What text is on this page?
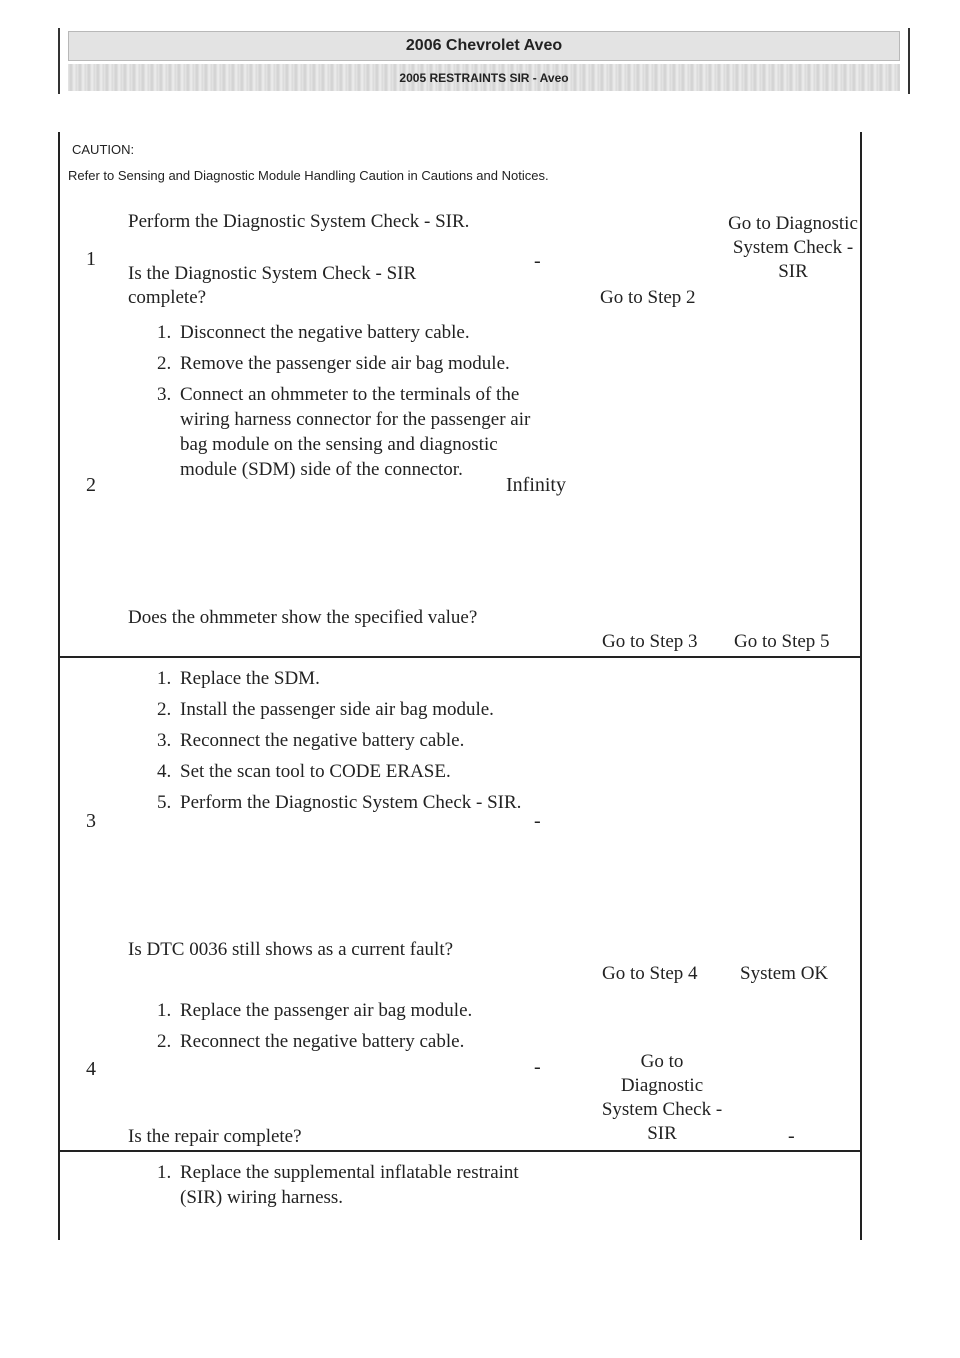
2006 Chevrolet Aveo
2005 RESTRAINTS SIR - Aveo
CAUTION:
Refer to Sensing and Diagnostic Module Handling Caution in Cautions and Notices.
1
Perform the Diagnostic System Check - SIR.
Is the Diagnostic System Check - SIR complete?
-
Go to Step 2
Go to Diagnostic System Check - SIR
2
1. Disconnect the negative battery cable.
2. Remove the passenger side air bag module.
3. Connect an ohmmeter to the terminals of the wiring harness connector for the passenger air bag module on the sensing and diagnostic module (SDM) side of the connector.
Does the ohmmeter show the specified value?
Infinity
Go to Step 3 Go to Step 5
3
1. Replace the SDM.
2. Install the passenger side air bag module.
3. Reconnect the negative battery cable.
4. Set the scan tool to CODE ERASE.
5. Perform the Diagnostic System Check - SIR.
Is DTC 0036 still shows as a current fault?
-
Go to Step 4 System OK
4
1. Replace the passenger air bag module.
2. Reconnect the negative battery cable.
Is the repair complete?
-	Go to Diagnostic System Check - SIR	-
1. Replace the supplemental inflatable restraint (SIR) wiring harness.
